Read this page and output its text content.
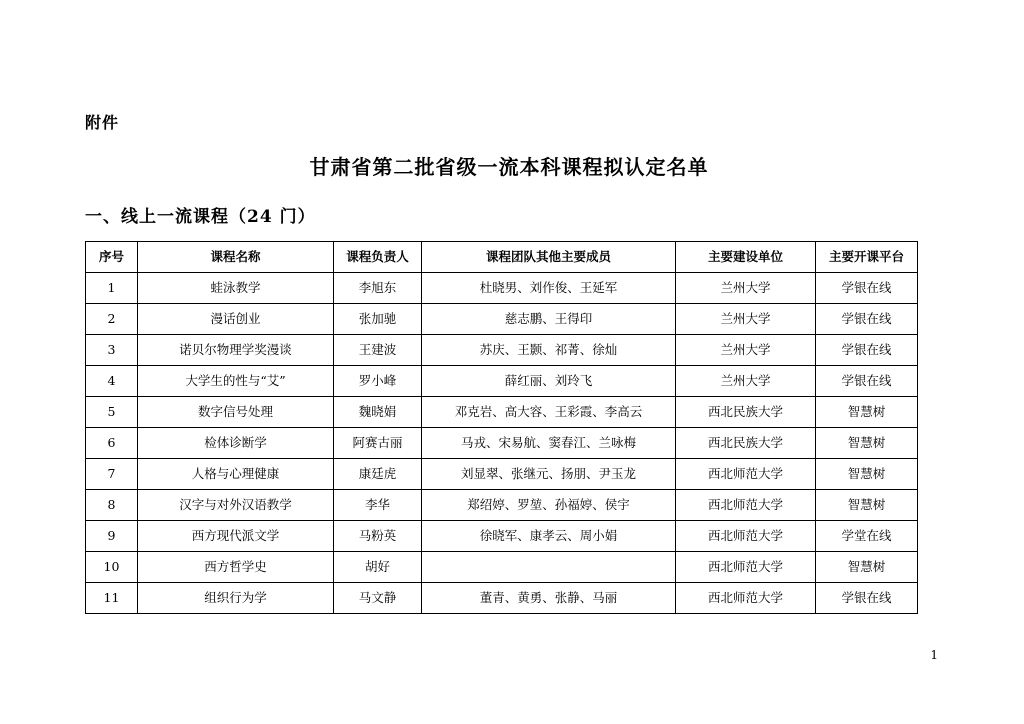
附件
甘肃省第二批省级一流本科课程拟认定名单
一、线上一流课程（24 门）
序号	课程名称	课程负责人	课程团队其他主要成员	主要建设单位	主要开课平台
1	蛙泳教学	李旭东	杜晓男、刘作俊、王延军	兰州大学	学银在线
2	漫话创业	张加驰	慈志鹏、王得印	兰州大学	学银在线
3	诺贝尔物理学奖漫谈	王建波	苏庆、王颢、祁菁、徐灿	兰州大学	学银在线
4	大学生的性与“艾”	罗小峰	薛红丽、刘玲飞	兰州大学	学银在线
5	数字信号处理	魏晓娟	邓克岩、高大容、王彩霞、李高云	西北民族大学	智慧树
6	检体诊断学	阿赛古丽	马戎、宋易航、窦春江、兰咏梅	西北民族大学	智慧树
7	人格与心理健康	康廷虎	刘显翠、张继元、扬朋、尹玉龙	西北师范大学	智慧树
8	汉字与对外汉语教学	李华	郑绍婷、罗堃、孙福婷、侯宇	西北师范大学	智慧树
9	西方现代派文学	马粉英	徐晓军、康孝云、周小娟	西北师范大学	学堂在线
10	西方哲学史	胡好		西北师范大学	智慧树
11	组织行为学	马文静	董青、黄勇、张静、马丽	西北师范大学	学银在线
1
